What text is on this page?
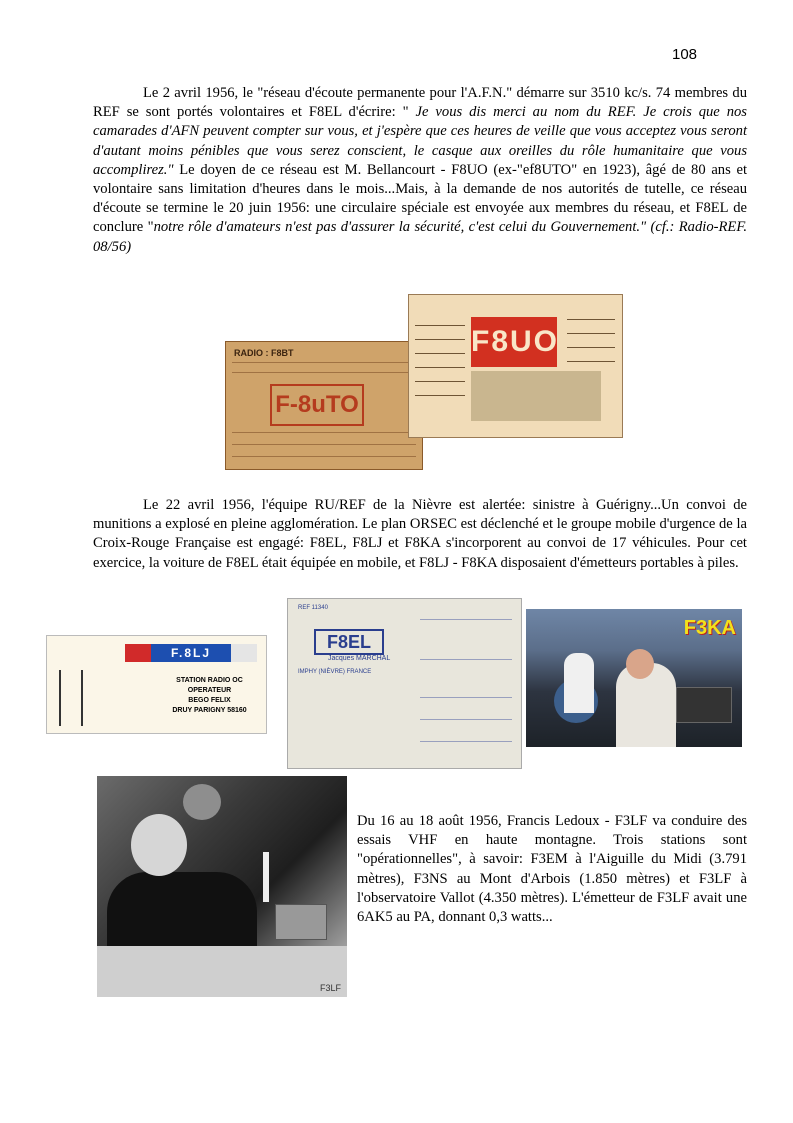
108
Le 2 avril 1956, le "réseau d'écoute permanente pour l'A.F.N." démarre sur 3510 kc/s. 74 membres du REF se sont portés volontaires et F8EL d'écrire: " Je vous dis merci au nom du REF. Je crois que nos camarades d'AFN peuvent compter sur vous, et j'espère que ces heures de veille que vous acceptez vous seront d'autant moins pénibles que vous serez conscient, le casque aux oreilles du rôle humanitaire que vous accomplirez." Le doyen de ce réseau est M. Bellancourt - F8UO (ex-"ef8UTO" en 1923), âgé de 80 ans et volontaire sans limitation d'heures dans le mois...Mais, à la demande de nos autorités de tutelle, ce réseau d'écoute se termine le 20 juin 1956: une circulaire spéciale est envoyée aux membres du réseau, et F8EL de conclure "notre rôle d'amateurs n'est pas d'assurer la sécurité, c'est celui du Gouvernement." (cf.: Radio-REF. 08/56)
RADIO : F8BT
F-8uTO
F8UO
Le 22 avril 1956, l'équipe RU/REF de la Nièvre est alertée: sinistre à Guérigny...Un convoi de munitions a explosé en pleine agglomération. Le plan ORSEC est déclenché et le groupe mobile d'urgence de la Croix-Rouge Française est engagé: F8EL, F8LJ et F8KA s'incorporent au convoi de 17 véhicules. Pour cet exercice, la voiture de F8EL était équipée en mobile, et F8LJ - F8KA disposaient d'émetteurs portables à piles.
F.8LJ
STATION RADIO OC
OPERATEUR
BEGO FELIX
DRUY PARIGNY 58160
REF 11340
F8EL
Jacques MARCHAL
IMPHY (NIÈVRE) FRANCE
F3KA
F3LF
Du 16 au 18 août 1956, Francis Ledoux - F3LF va conduire des essais VHF en haute montagne. Trois stations sont "opérationnelles", à savoir: F3EM à l'Aiguille du Midi (3.791 mètres), F3NS au Mont d'Arbois (1.850 mètres) et F3LF à l'observatoire Vallot (4.350 mètres). L'émetteur de F3LF avait une 6AK5 au PA, donnant 0,3 watts...
